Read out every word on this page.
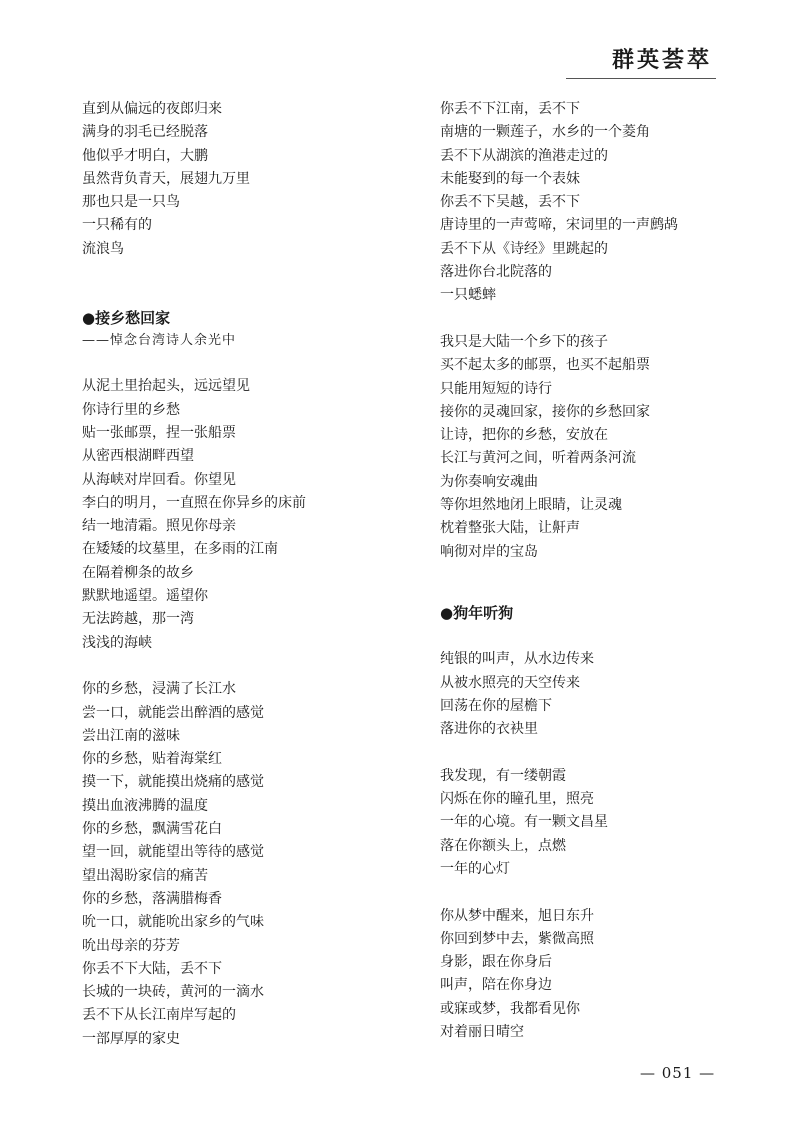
群英荟萃
直到从偏远的夜郎归来
满身的羽毛已经脱落
他似乎才明白，大鹏
虽然背负青天，展翅九万里
那也只是一只鸟
一只稀有的
流浪鸟
●接乡愁回家
——悼念台湾诗人余光中
从泥土里抬起头，远远望见
你诗行里的乡愁
贴一张邮票，捏一张船票
从密西根湖畔西望
从海峡对岸回看。你望见
李白的明月，一直照在你异乡的床前
结一地清霜。照见你母亲
在矮矮的坟墓里，在多雨的江南
在隔着柳条的故乡
默默地遥望。遥望你
无法跨越，那一湾
浅浅的海峡
你的乡愁，浸满了长江水
尝一口，就能尝出醉酒的感觉
尝出江南的滋味
你的乡愁，贴着海棠红
摸一下，就能摸出烧痛的感觉
摸出血液沸腾的温度
你的乡愁，飘满雪花白
望一回，就能望出等待的感觉
望出渴盼家信的痛苦
你的乡愁，落满腊梅香
吮一口，就能吮出家乡的气味
吮出母亲的芬芳
你丢不下大陆，丢不下
长城的一块砖，黄河的一滴水
丢不下从长江南岸写起的
一部厚厚的家史
你丢不下江南，丢不下
南塘的一颗莲子，水乡的一个菱角
丢不下从湖滨的渔港走过的
未能娶到的每一个表妹
你丢不下吴越，丢不下
唐诗里的一声莺啼，宋词里的一声鹧鸪
丢不下从《诗经》里跳起的
落进你台北院落的
一只蟋蟀
我只是大陆一个乡下的孩子
买不起太多的邮票，也买不起船票
只能用短短的诗行
接你的灵魂回家，接你的乡愁回家
让诗，把你的乡愁，安放在
长江与黄河之间，听着两条河流
为你奏响安魂曲
等你坦然地闭上眼睛，让灵魂
枕着整张大陆，让鼾声
响彻对岸的宝岛
●狗年听狗
纯银的叫声，从水边传来
从被水照亮的天空传来
回荡在你的屋檐下
落进你的衣袂里
我发现，有一缕朝霞
闪烁在你的瞳孔里，照亮
一年的心境。有一颗文昌星
落在你额头上，点燃
一年的心灯
你从梦中醒来，旭日东升
你回到梦中去，紫微高照
身影，跟在你身后
叫声，陪在你身边
或寐或梦，我都看见你
对着丽日晴空
— 051 —
